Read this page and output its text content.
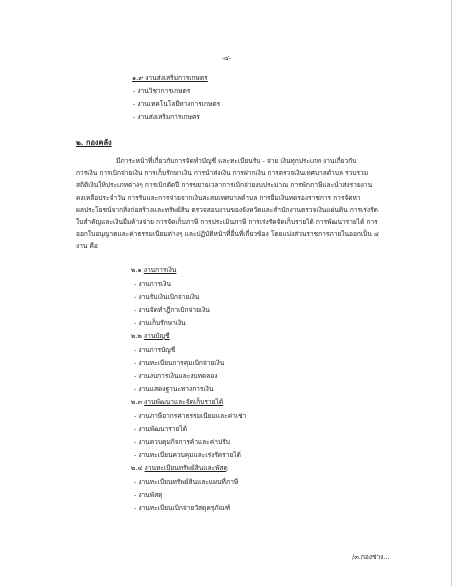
-๔-
๑.๙ งานส่งเสริมการเกษตร
- งานวิชาการเกษตร
- งานเทคโนโลยีทางการเกษตร
- งานส่งเสริมการเกษตร
๒. กองคลัง
มีภาระหน้าที่เกี่ยวกับการจัดทำบัญชี และทะเบียนรับ - จ่าย เงินทุกประเภท งานเกี่ยวกับ
การเงิน การเบิกจ่ายเงิน การเก็บรักษาเงิน การนำส่งเงิน การฝากเงิน การตรวจเงินเทศบาลตำบล รวบรวม
สถิติเงินให้ประเภทต่างๆ การเบิกตัดปี การขยายเวลาการเบิกจ่ายงบประมาณ การพักภาษีและนำส่งรายงาน
คงเหลือประจำวัน การรับและการจ่ายจากเงินสะสมเทศบาลตำบล การยืมเงินทดรองราชการ การจัดหา
ผลประโยชน์จากสิ่งก่อสร้างและทรัพย์สิน ตรวจสอบงานของจังหวัดและสำนักงานตรวจเงินแผ่นดิน การเร่งรัด
ใบสำคัญและเงินยืมค้างจ่าย การจัดเก็บภาษี การประเมินภาษี การเร่งรัดจัดเก็บรายได้ การพัฒนารายได้ การ
ออกใบอนุญาตและค่าธรรมเนียมต่างๆ และปฏิบัติหน้าที่อื่นที่เกี่ยวข้อง โดยแบ่งส่วนราชการภายในออกเป็น ๔
งาน คือ
๒.๑ งานการเงิน
- งานการเงิน
- งานรับเงินเบิกจ่ายเงิน
- งานจัดทำฎีกาเบิกจ่ายเงิน
- งานเก็บรักษาเงิน
๒.๒ งานบัญชี
- งานการบัญชี
- งานทะเบียนการคุมเบิกจ่ายเงิน
- งานงบการเงินและงบทดลอง
- งานแสดงฐานะทางการเงิน
๒.๓ งานพัฒนาและจัดเก็บรายได้
- งานภาษีอากรค่าธรรมเนียมและค่าเช่า
- งานพัฒนารายได้
- งานควบคุมกิจการค้าและค่าปรับ
- งานทะเบียนควบคุมและเร่งรัดรายได้
๒.๔ งานทะเบียนทรัพย์สินและพัสดุ
- งานทะเบียนทรัพย์สินและแผนที่ภาษี
- งานพัสดุ
- งานทะเบียนเบิกจ่ายวัสดุครุภัณฑ์
/๓.กองช่าง...
